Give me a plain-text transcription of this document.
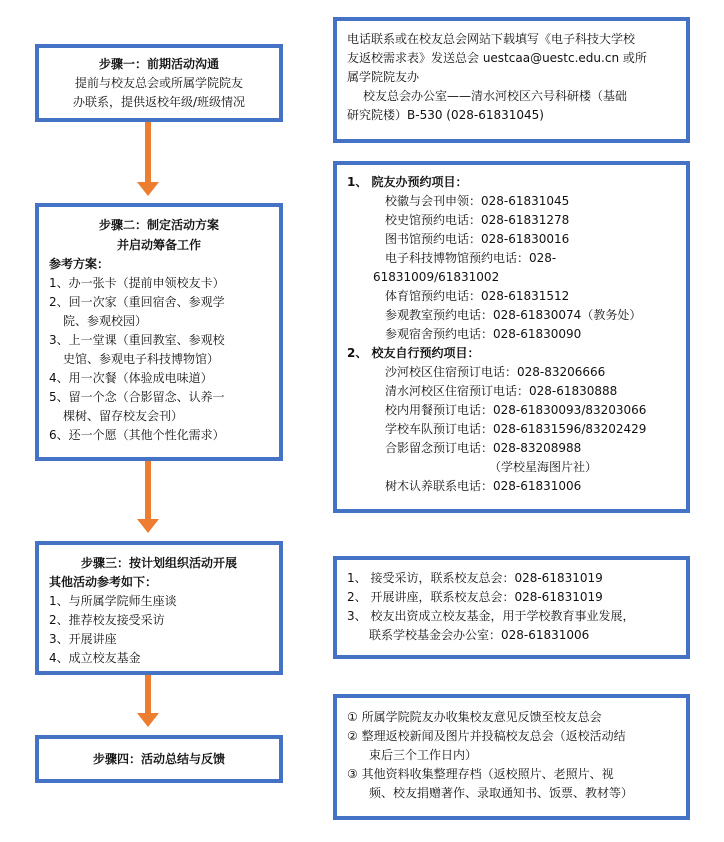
步骤一：前期活动沟通
提前与校友总会或所属学院院友
办联系，提供返校年级/班级情况
电话联系或在校友总会网站下载填写《电子科技大学校
友返校需求表》发送总会 uestcaa@uestc.edu.cn 或所
属学院院友办
校友总会办公室——清水河校区六号科研楼（基础
研究院楼）B-530 (028-61831045)
步骤二：制定活动方案
并启动筹备工作
参考方案：
1、办一张卡（提前申领校友卡）
2、回一次家（重回宿舍、参观学
院、参观校园）
3、上一堂课（重回教室、参观校
史馆、参观电子科技博物馆）
4、用一次餐（体验成电味道）
5、留一个念（合影留念、认养一
棵树、留存校友会刊）
6、还一个愿（其他个性化需求）
1、 院友办预约项目：
校徽与会刊申领：028-61831045
校史馆预约电话：028-61831278
图书馆预约电话：028-61830016
电子科技博物馆预约电话：028-
61831009/61831002
体育馆预约电话：028-61831512
参观教室预约电话：028-61830074（教务处）
参观宿舍预约电话：028-61830090
2、 校友自行预约项目：
沙河校区住宿预订电话：028-83206666
清水河校区住宿预订电话：028-61830888
校内用餐预订电话：028-61830093/83203066
学校车队预订电话：028-61831596/83202429
合影留念预订电话：028-83208988
（学校星海图片社）
树木认养联系电话：028-61831006
步骤三：按计划组织活动开展
其他活动参考如下：
1、与所属学院师生座谈
2、推荐校友接受采访
3、开展讲座
4、成立校友基金
1、 接受采访，联系校友总会：028-61831019
2、 开展讲座，联系校友总会：028-61831019
3、 校友出资成立校友基金，用于学校教育事业发展，
联系学校基金会办公室：028-61831006
步骤四：活动总结与反馈
① 所属学院院友办收集校友意见反馈至校友总会
② 整理返校新闻及图片并投稿校友总会（返校活动结
束后三个工作日内）
③ 其他资料收集整理存档（返校照片、老照片、视
频、校友捐赠著作、录取通知书、饭票、教材等）
